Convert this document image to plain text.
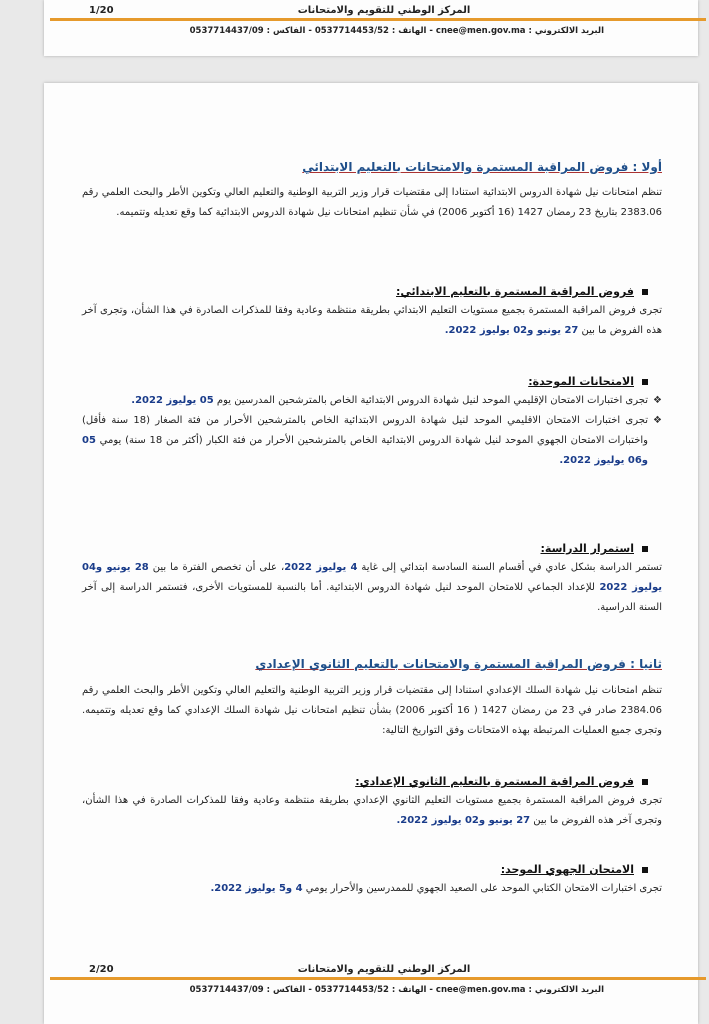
المركز الوطني للتقويم والامتحانات
1/20
البريد الالكتروني : cnee@men.gov.ma - الهاتف : 0537714453/52 - الفاكس : 0537714437/09
أولا : فروض المراقبة المستمرة والامتحانات بالتعليم الابتدائي
تنظم امتحانات نيل شهادة الدروس الابتدائية استنادا إلى مقتضيات قرار وزير التربية الوطنية والتعليم العالي وتكوين الأطر والبحث العلمي رقم 2383.06 بتاريخ 23 رمضان 1427 (16 أكتوبر 2006) في شأن تنظيم امتحانات نيل شهادة الدروس الابتدائية كما وقع تعديله وتتميمه.
فروض المراقبة المستمرة بالتعليم الابتدائي:
تجرى فروض المراقبة المستمرة بجميع مستويات التعليم الابتدائي بطريقة منتظمة وعادية وفقا للمذكرات الصادرة في هذا الشأن، وتجرى آخر هذه الفروض ما بين 27 يونيو و02 يوليوز 2022.
الامتحانات الموحدة:
❖
تجرى اختبارات الامتحان الإقليمي الموحد لنيل شهادة الدروس الابتدائية الخاص بالمترشحين المدرسين يوم 05 يوليوز 2022.
❖
تجرى اختبارات الامتحان الاقليمي الموحد لنيل شهادة الدروس الابتدائية الخاص بالمترشحين الأحرار من فئة الصغار (18 سنة فأقل) واختبارات الامتحان الجهوي الموحد لنيل شهادة الدروس الابتدائية الخاص بالمترشحين الأحرار من فئة الكبار (أكثر من 18 سنة) يومي 05 و06 يوليوز 2022.
استمرار الدراسة:
تستمر الدراسة بشكل عادي في أقسام السنة السادسة ابتدائي إلى غاية 4 يوليوز 2022، على أن تخصص الفترة ما بين 28 يونيو و04 يوليوز 2022 للإعداد الجماعي للامتحان الموحد لنيل شهادة الدروس الابتدائية. أما بالنسبة للمستويات الأخرى، فتستمر الدراسة إلى آخر السنة الدراسية.
ثانيا : فروض المراقبة المستمرة والامتحانات بالتعليم الثانوي الإعدادي
تنظم امتحانات نيل شهادة السلك الإعدادي استنادا إلى مقتضيات قرار وزير التربية الوطنية والتعليم العالي وتكوين الأطر والبحث العلمي رقم 2384.06 صادر في 23 من رمضان 1427 ( 16 أكتوبر 2006) بشأن تنظيم امتحانات نيل شهادة السلك الإعدادي كما وقع تعديله وتتميمه. وتجرى جميع العمليات المرتبطة بهذه الامتحانات وفق التواريخ التالية:
فروض المراقبة المستمرة بالتعليم الثانوي الإعدادي:
تجرى فروض المراقبة المستمرة بجميع مستويات التعليم الثانوي الإعدادي بطريقة منتظمة وعادية وفقا للمذكرات الصادرة في هذا الشأن، وتجرى آخر هذه الفروض ما بين 27 يونيو و02 يوليوز 2022.
الامتحان الجهوي الموحد:
تجرى اختبارات الامتحان الكتابي الموحد على الصعيد الجهوي للممدرسين والأحرار يومي 4 و5 يوليوز 2022.
المركز الوطني للتقويم والامتحانات
2/20
البريد الالكتروني : cnee@men.gov.ma - الهاتف : 0537714453/52 - الفاكس : 0537714437/09
